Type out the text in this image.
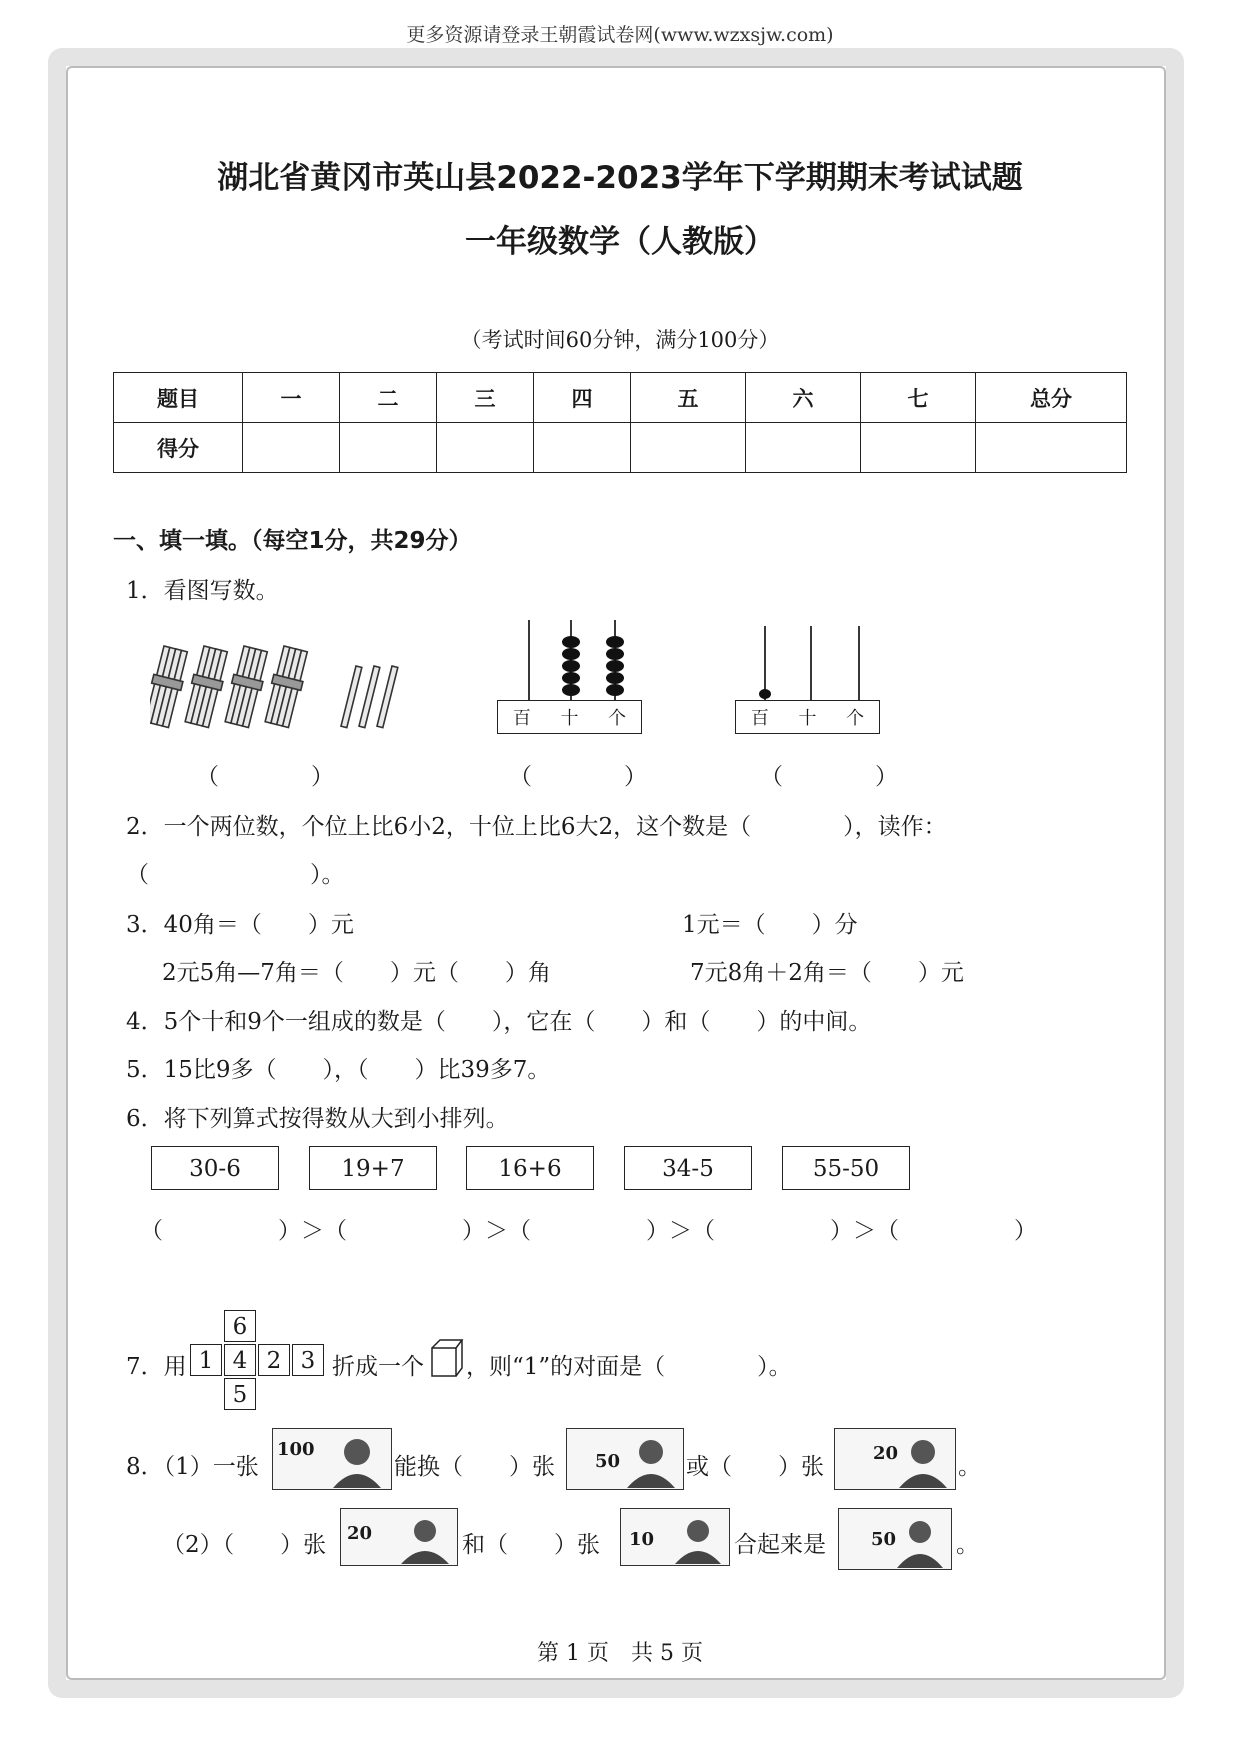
更多资源请登录王朝霞试卷网(www.wzxsjw.com)
湖北省黄冈市英山县2022-2023学年下学期期末考试试题
一年级数学（人教版）
（考试时间60分钟，满分100分）
题目	一	二	三	四	五	六	七	总分
得分								
一、填一填。（每空1分，共29分）
1．看图写数。
百 十 个	百 十 个
（　　　　）	（　　　　）	（　　　　）
2．一个两位数，个位上比6小2，十位上比6大2，这个数是（　　　　），读作：
（　　　　　　　）。
3．40角＝（　　）元	1元＝（　　）分
2元5角—7角＝（　　）元（　　）角	7元8角＋2角＝（　　）元
4．5个十和9个一组成的数是（　　），它在（　　）和（　　）的中间。
5．15比9多（　　），（　　）比39多7。
6．将下列算式按得数从大到小排列。
30-6	19+7	16+6	34-5	55-50
（　　　　　）＞（　　　　　）＞（　　　　　）＞（　　　　　）＞（　　　　　）
7．用
6
1 4 2 3
5
折成一个 ，则“1”的对面是（　　　　）。
8．（1）一张
100
能换（　　）张 50	或（　　）张
20
。
（2）（　　）张 20	和（　　）张 10	合起来是	50	。
第 1 页　共 5 页
